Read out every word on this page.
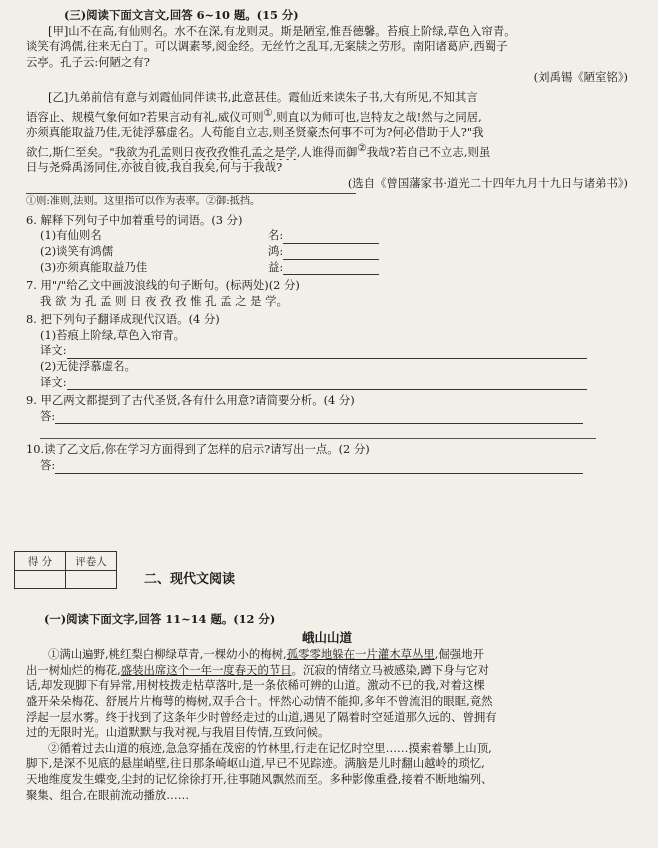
(三)阅读下面文言文,回答 6~10 题。(15 分)
[甲]山不在高,有仙则名。水不在深,有龙则灵。斯是陋室,惟吾德馨。苔痕上阶绿,草色入帘青。
谈笑有鸿儒,往来无白丁。可以调素琴,阅金经。无丝竹之乱耳,无案牍之劳形。南阳诸葛庐,西蜀子
云亭。孔子云:何陋之有?
(刘禹锡《陋室铭》)
[乙]九弟前信有意与刘霞仙同伴读书,此意甚佳。霞仙近来读朱子书,大有所见,不知其言
语容止、规模气象何如?若果言动有礼,威仪可则①,则直以为师可也,岂特友之哉!然与之同居,
亦须真能取益乃佳,无徒浮慕虚名。人苟能自立志,则圣贤豪杰何事不可为?何必借助于人?"我
欲仁,斯仁至矣。"我欲为孔孟则日夜孜孜惟孔孟之是学,人谁得而御②我哉?若自己不立志,则虽
日与尧舜禹汤同住,亦彼自彼,我自我矣,何与于我哉?
(选自《曾国藩家书·道光二十四年九月十九日与诸弟书》)
①则:准则,法则。这里指可以作为表率。②御:抵挡。
6. 解释下列句子中加着重号的词语。(3 分)
(1)有仙则名	名:
(2)谈笑有鸿儒	鸿:
(3)亦须真能取益乃佳	益:
7. 用"/"给乙文中画波浪线的句子断句。(标两处)(2 分)
我 欲 为 孔 孟 则 日 夜 孜 孜 惟 孔 孟 之 是 学。
8. 把下列句子翻译成现代汉语。(4 分)
(1)苔痕上阶绿,草色入帘青。
译文:
(2)无徒浮慕虚名。
译文:
9. 甲乙两文都提到了古代圣贤,各有什么用意?请简要分析。(4 分)
答:
10.读了乙文后,你在学习方面得到了怎样的启示?请写出一点。(2 分)
答:
得 分	评卷人

二、现代文阅读
(一)阅读下面文字,回答 11~14 题。(12 分)
峨山山道
①满山遍野,桃红梨白柳绿草青,一棵幼小的梅树,孤零零地躲在一片灌木草丛里,倔强地开
出一树灿烂的梅花,盛装出席这个一年一度春天的节日。沉寂的情绪立马被感染,蹲下身与它对
话,却发现脚下有异常,用树枝拨走枯草落叶,是一条依稀可辨的山道。激动不已的我,对着这棵
盛开朵朵梅花、舒展片片梅萼的梅树,双手合十。怦然心动情不能抑,多年不曾流泪的眼眶,竟然
浮起一层水雾。终于找到了这条年少时曾经走过的山道,遇见了隔着时空延道那久远的、曾拥有
过的无限时光。山道默默与我对视,与我眉目传情,互致问候。
②循着过去山道的痕迹,急急穿插在茂密的竹林里,行走在记忆时空里……摸索着攀上山顶,
脚下,是深不见底的悬崖峭壁,往日那条崎岖山道,早已不见踪迹。满脑是儿时翻山越岭的琐忆,
天地维度发生蝶变,尘封的记忆徐徐打开,往事随风飘然而至。多种影像重叠,接着不断地编列、
聚集、组合,在眼前流动播放……
